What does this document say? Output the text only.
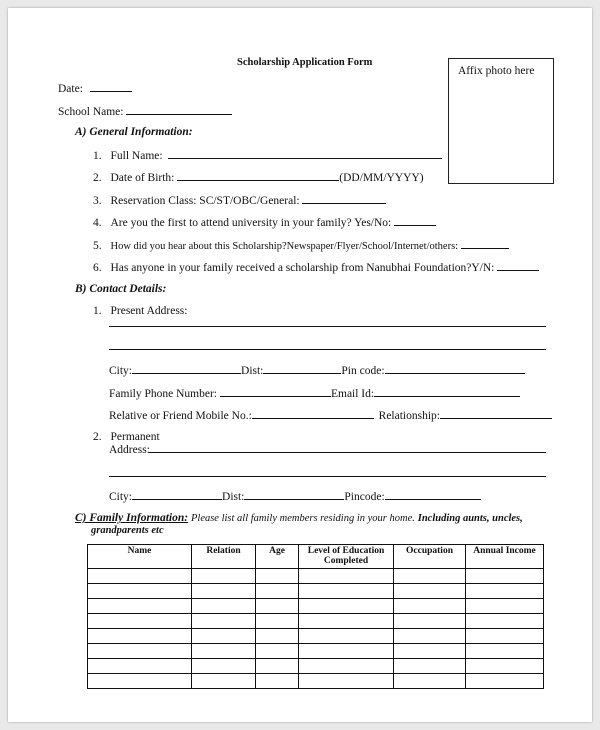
Scholarship Application Form
Affix photo here
Date:
School Name:
A) General Information:
1. Full Name:
2. Date of Birth:	(DD/MM/YYYY)
3. Reservation Class: SC/ST/OBC/General:
4. Are you the first to attend university in your family? Yes/No:
5. How did you hear about this Scholarship?Newspaper/Flyer/School/Internet/others:
6. Has anyone in your family received a scholarship from Nanubhai Foundation?Y/N:
B) Contact Details:
1. Present Address:
City:	Dist:	Pin code:
Family Phone Number:	Email Id:
Relative or Friend Mobile No.:	Relationship:
2. Permanent
Address:
City:	Dist:	Pincode:
C) Family Information: Please list all family members residing in your home. Including aunts, uncles,
grandparents etc
Name	Relation	Age	Level of Education Completed	Occupation	Annual Income
